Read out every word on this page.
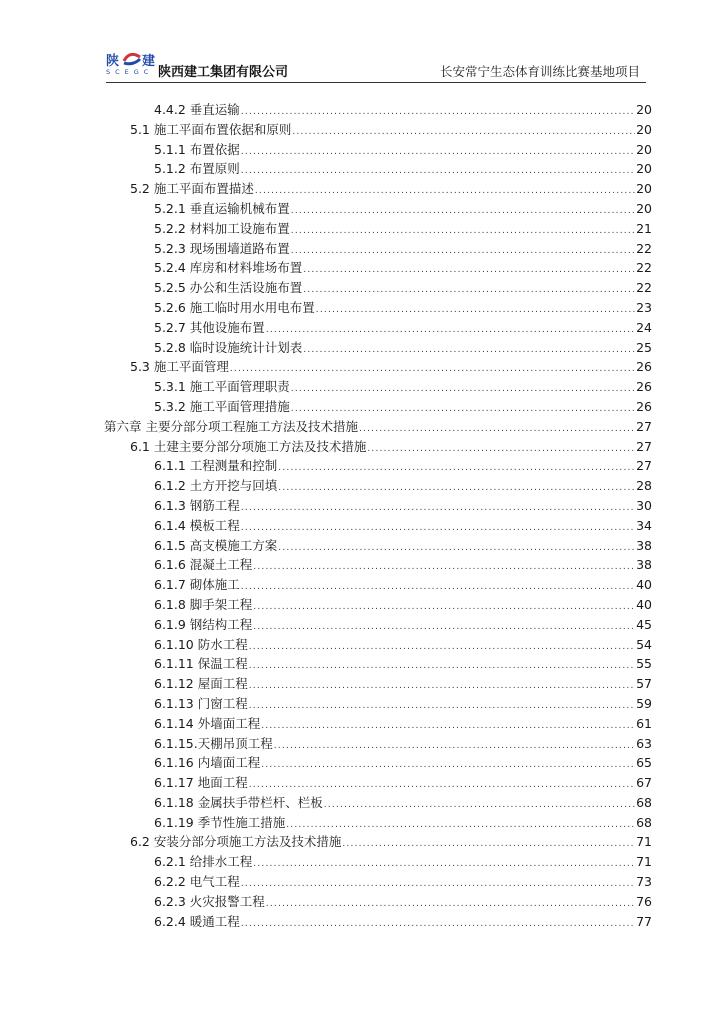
陕 建
SCEGC 陕西建工集团有限公司	长安常宁生态体育训练比赛基地项目
4.4.2 垂直运输 .....	20
5.1 施工平面布置依据和原则 .....	20
5.1.1 布置依据 .....	20
5.1.2 布置原则 .....	20
5.2 施工平面布置描述 .....	20
5.2.1 垂直运输机械布置 .....	20
5.2.2 材料加工设施布置 .....	21
5.2.3 现场围墙道路布置 .....	22
5.2.4 库房和材料堆场布置 .....	22
5.2.5 办公和生活设施布置 .....	22
5.2.6 施工临时用水用电布置 .....	23
5.2.7 其他设施布置 .....	24
5.2.8 临时设施统计计划表 .....	25
5.3 施工平面管理 .....	26
5.3.1 施工平面管理职责 .....	26
5.3.2 施工平面管理措施 .....	26
第六章 主要分部分项工程施工方法及技术措施 .....	27
6.1 土建主要分部分项施工方法及技术措施 .....	27
6.1.1 工程测量和控制 .....	27
6.1.2 土方开挖与回填 .....	28
6.1.3 钢筋工程 .....	30
6.1.4 模板工程 .....	34
6.1.5 高支模施工方案 .....	38
6.1.6 混凝土工程 .....	38
6.1.7 砌体施工 .....	40
6.1.8 脚手架工程 .....	40
6.1.9 钢结构工程 .....	45
6.1.10 防水工程 .....	54
6.1.11 保温工程 .....	55
6.1.12 屋面工程 .....	57
6.1.13 门窗工程 .....	59
6.1.14 外墙面工程 .....	61
6.1.15.天棚吊顶工程 .....	63
6.1.16 内墙面工程 .....	65
6.1.17 地面工程 .....	67
6.1.18 金属扶手带栏杆、栏板 .....	68
6.1.19 季节性施工措施 .....	68
6.2 安装分部分项施工方法及技术措施 .....	71
6.2.1 给排水工程 .....	71
6.2.2 电气工程 .....	73
6.2.3 火灾报警工程 .....	76
6.2.4 暖通工程 .....	77
